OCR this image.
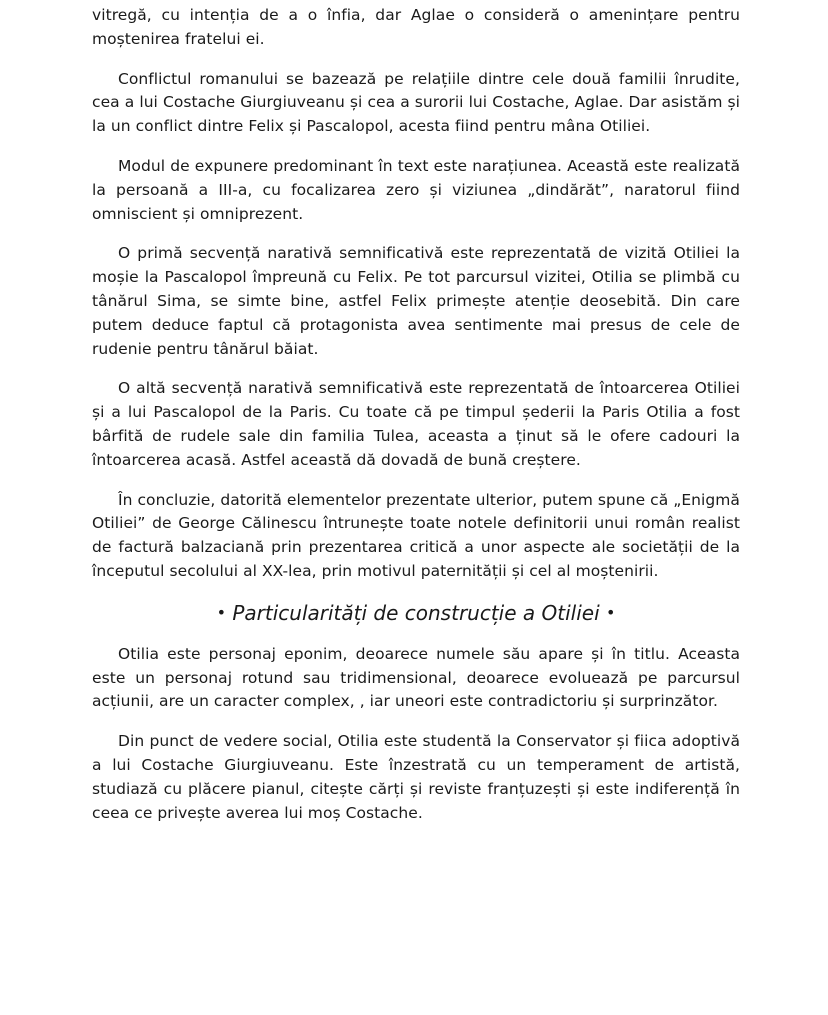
vitregă, cu intenția de a o înfia, dar Aglae o consideră o amenințare pentru moștenirea fratelui ei.

Conflictul romanului se bazează pe relațiile dintre cele două familii înrudite, cea a lui Costache Giurgiuveanu și cea a surorii lui Costache, Aglae. Dar asistăm și la un conflict dintre Felix și Pascalopol, acesta fiind pentru mâna Otiliei.

Modul de expunere predominant în text este narațiunea. Această este realizată la persoană a III-a, cu focalizarea zero și viziunea „dindărăt”, naratorul fiind omniscient și omniprezent.

O primă secvență narativă semnificativă este reprezentată de vizită Otiliei la moșie la Pascalopol împreună cu Felix. Pe tot parcursul vizitei, Otilia se plimbă cu tânărul Sima, se simte bine, astfel Felix primește atenție deosebită. Din care putem deduce faptul că protagonista avea sentimente mai presus de cele de rudenie pentru tânărul băiat.

O altă secvență narativă semnificativă este reprezentată de întoarcerea Otiliei și a lui Pascalopol de la Paris. Cu toate că pe timpul șederii la Paris Otilia a fost bârfită de rudele sale din familia Tulea, aceasta a ținut să le ofere cadouri la întoarcerea acasă. Astfel această dă dovadă de bună creștere.

În concluzie, datorită elementelor prezentate ulterior, putem spune că „Enigmă Otiliei” de George Călinescu întrunește toate notele definitorii unui român realist de factură balzaciană prin prezentarea critică a unor aspecte ale societății de la începutul secolului al XX-lea, prin motivul paternității și cel al moștenirii.

• Particularități de construcție a Otiliei •

Otilia este personaj eponim, deoarece numele său apare și în titlu. Aceasta este un personaj rotund sau tridimensional, deoarece evoluează pe parcursul acțiunii, are un caracter complex, , iar uneori este contradictoriu și surprinzător.

Din punct de vedere social, Otilia este studentă la Conservator și fiica adoptivă a lui Costache Giurgiuveanu. Este înzestrată cu un temperament de artistă, studiază cu plăcere pianul, citește cărți și reviste franțuzești și este indiferență în ceea ce privește averea lui moș Costache.
